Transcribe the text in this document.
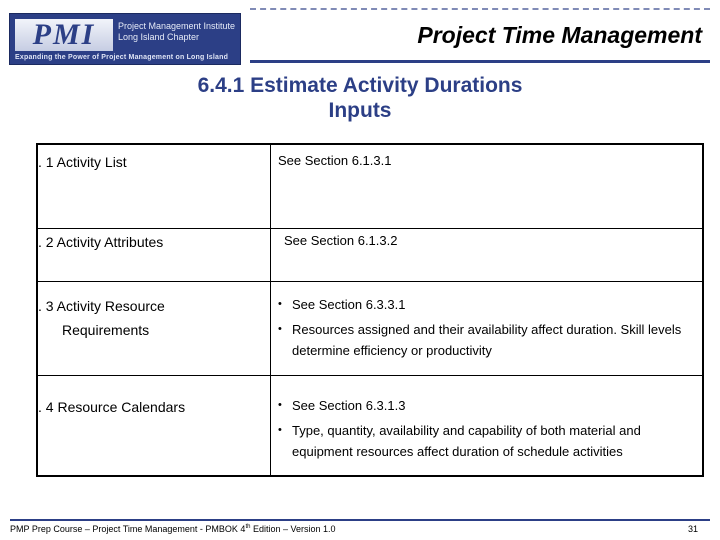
PMI	Project Management Institute
Long Island Chapter
Expanding the Power of Project Management on Long Island
Project Time Management
6.4.1 Estimate Activity Durations
Inputs
. 1 Activity List	See Section 6.1.3.1
. 2 Activity Attributes	See Section 6.1.3.2
. 3 Activity Resource
Requirements
• See Section 6.3.3.1
• Resources assigned and their availability affect duration. Skill levels determine efficiency or productivity
. 4 Resource Calendars
•	See Section 6.3.1.3
• Type, quantity, availability and capability of both material and equipment resources affect duration of schedule activities
PMP Prep Course – Project Time Management - PMBOK 4th Edition – Version 1.0	31
